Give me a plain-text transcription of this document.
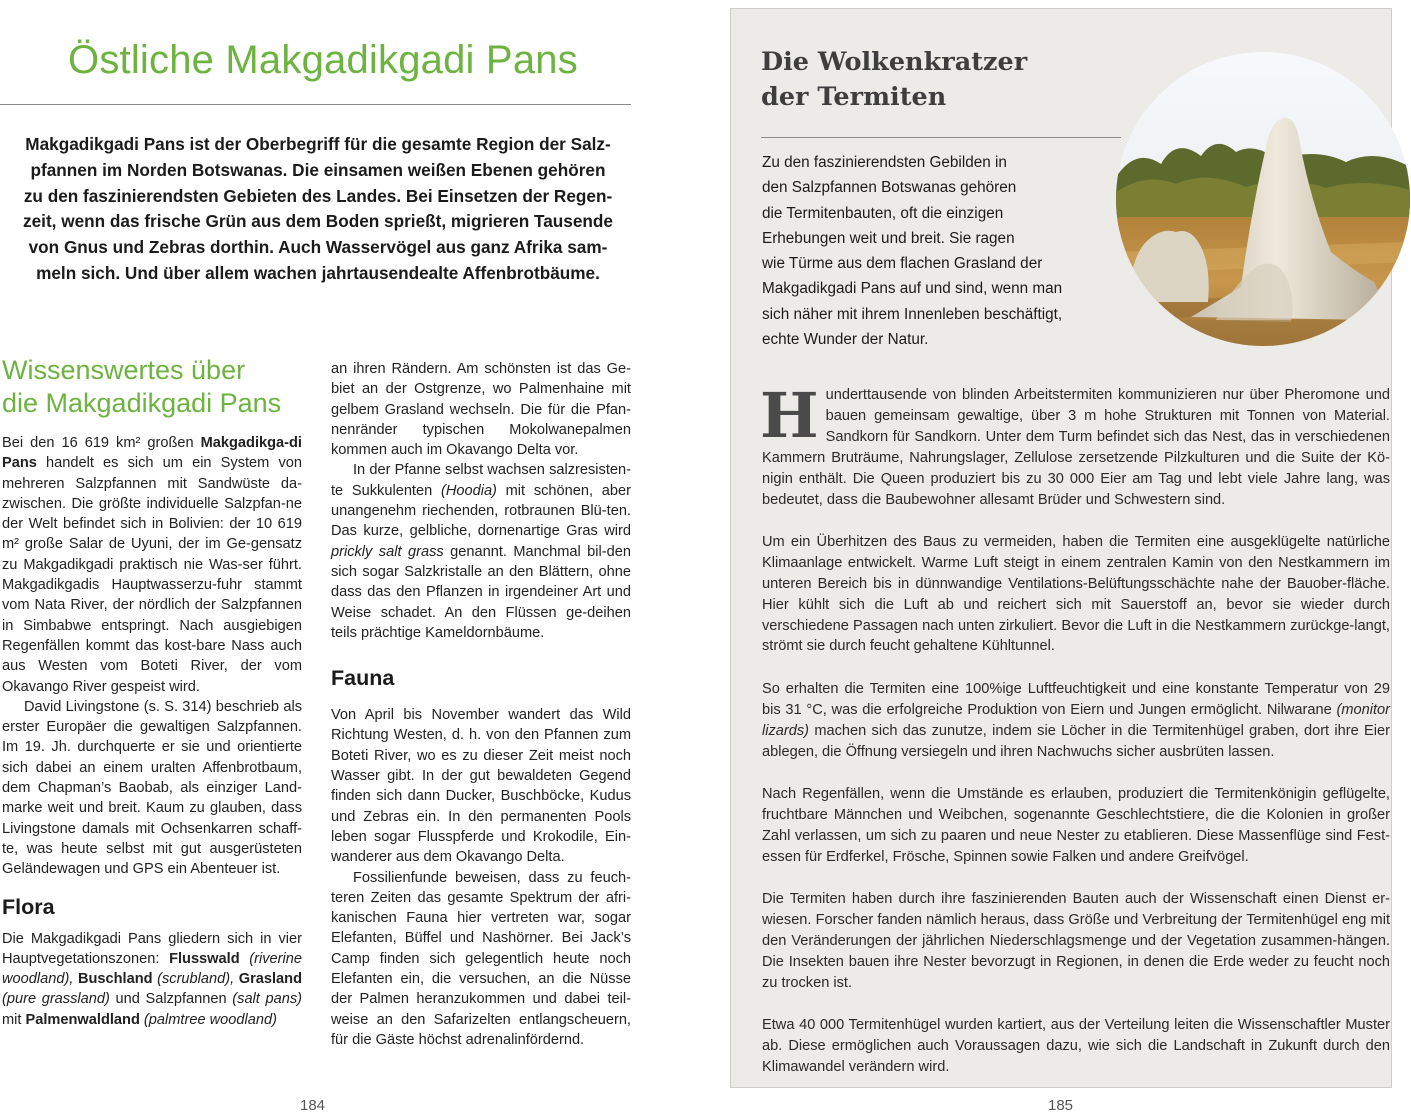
Östliche Makgadikgadi Pans
Makgadikgadi Pans ist der Oberbegriff für die gesamte Region der Salz-
pfannen im Norden Botswanas. Die einsamen weißen Ebenen gehören
zu den faszinierendsten Gebieten des Landes. Bei Einsetzen der Regen-
zeit, wenn das frische Grün aus dem Boden sprießt, migrieren Tausende
von Gnus und Zebras dorthin. Auch Wasservögel aus ganz Afrika sam-
meln sich. Und über allem wachen jahrtausendealte Affenbrotbäume.
Wissenswertes über
die Makgadikgadi Pans

Bei den 16 619 km² großen Makgadikga-di Pans handelt es sich um ein System von mehreren Salzpfannen mit Sandwüste da-zwischen. Die größte individuelle Salzpfan-ne der Welt befindet sich in Bolivien: der 10 619 m² große Salar de Uyuni, der im Ge-gensatz zu Makgadikgadi praktisch nie Was-ser führt. Makgadikgadis Hauptwasserzu-fuhr stammt vom Nata River, der nördlich der Salzpfannen in Simbabwe entspringt. Nach ausgiebigen Regenfällen kommt das kost-bare Nass auch aus Westen vom Boteti River, der vom Okavango River gespeist wird.

David Livingstone (s. S. 314) beschrieb als erster Europäer die gewaltigen Salzpfannen. Im 19. Jh. durchquerte er sie und orientierte sich dabei an einem uralten Affenbrotbaum, dem Chapman’s Baobab, als einziger Land-marke weit und breit. Kaum zu glauben, dass Livingstone damals mit Ochsenkarren schaff-te, was heute selbst mit gut ausgerüsteten Geländewagen und GPS ein Abenteuer ist.

Flora

Die Makgadikgadi Pans gliedern sich in vier Hauptvegetationszonen: Flusswald (riverine woodland), Buschland (scrubland), Grasland (pure grassland) und Salzpfannen (salt pans) mit Palmenwaldland (palmtree woodland)

an ihren Rändern. Am schönsten ist das Ge-biet an der Ostgrenze, wo Palmenhaine mit gelbem Grasland wechseln. Die für die Pfan-nenränder typischen Mokolwanepalmen kommen auch im Okavango Delta vor.

In der Pfanne selbst wachsen salzresisten-te Sukkulenten (Hoodia) mit schönen, aber unangenehm riechenden, rotbraunen Blü-ten. Das kurze, gelbliche, dornenartige Gras wird prickly salt grass genannt. Manchmal bil-den sich sogar Salzkristalle an den Blättern, ohne dass das den Pflanzen in irgendeiner Art und Weise schadet. An den Flüssen ge-deihen teils prächtige Kameldornbäume.

Fauna

Von April bis November wandert das Wild Richtung Westen, d. h. von den Pfannen zum Boteti River, wo es zu dieser Zeit meist noch Wasser gibt. In der gut bewaldeten Gegend finden sich dann Ducker, Buschböcke, Kudus und Zebras ein. In den permanenten Pools leben sogar Flusspferde und Krokodile, Ein-wanderer aus dem Okavango Delta.

Fossilienfunde beweisen, dass zu feuch-teren Zeiten das gesamte Spektrum der afri-kanischen Fauna hier vertreten war, sogar Elefanten, Büffel und Nashörner. Bei Jack’s Camp finden sich gelegentlich heute noch Elefanten ein, die versuchen, an die Nüsse der Palmen heranzukommen und dabei teil-weise an den Safarizelten entlangscheuern, für die Gäste höchst adrenalinfördernd.

184
Die Wolkenkratzer
der Termiten
Zu den faszinierendsten Gebilden in
den Salzpfannen Botswanas gehören
die Termitenbauten, oft die einzigen
Erhebungen weit und breit. Sie ragen
wie Türme aus dem flachen Grasland der
Makgadikgadi Pans auf und sind, wenn man
sich näher mit ihrem Innenleben beschäftigt,
echte Wunder der Natur.

Hunderttausende von blinden Arbeitstermiten kommunizieren nur über Pheromone und bauen gemeinsam gewaltige, über 3 m hohe Strukturen mit Tonnen von Material. Sandkorn für Sandkorn. Unter dem Turm befindet sich das Nest, das in verschiedenen Kammern Bruträume, Nahrungslager, Zellulose zersetzende Pilzkulturen und die Suite der Kö-nigin enthält. Die Queen produziert bis zu 30 000 Eier am Tag und lebt viele Jahre lang, was bedeutet, dass die Baubewohner allesamt Brüder und Schwestern sind.

Um ein Überhitzen des Baus zu vermeiden, haben die Termiten eine ausgeklügelte natürliche Klimaanlage entwickelt. Warme Luft steigt in einem zentralen Kamin von den Nestkammern im unteren Bereich bis in dünnwandige Ventilations-Belüftungsschächte nahe der Bauober-fläche. Hier kühlt sich die Luft ab und reichert sich mit Sauerstoff an, bevor sie wieder durch verschiedene Passagen nach unten zirkuliert. Bevor die Luft in die Nestkammern zurückge-langt, strömt sie durch feucht gehaltene Kühltunnel.

So erhalten die Termiten eine 100%ige Luftfeuchtigkeit und eine konstante Temperatur von 29 bis 31 °C, was die erfolgreiche Produktion von Eiern und Jungen ermöglicht. Nilwarane (monitor lizards) machen sich das zunutze, indem sie Löcher in die Termitenhügel graben, dort ihre Eier ablegen, die Öffnung versiegeln und ihren Nachwuchs sicher ausbrüten lassen.

Nach Regenfällen, wenn die Umstände es erlauben, produziert die Termitenkönigin geflügelte, fruchtbare Männchen und Weibchen, sogenannte Geschlechtstiere, die die Kolonien in großer Zahl verlassen, um sich zu paaren und neue Nester zu etablieren. Diese Massenflüge sind Fest-essen für Erdferkel, Frösche, Spinnen sowie Falken und andere Greifvögel.

Die Termiten haben durch ihre faszinierenden Bauten auch der Wissenschaft einen Dienst er-wiesen. Forscher fanden nämlich heraus, dass Größe und Verbreitung der Termitenhügel eng mit den Veränderungen der jährlichen Niederschlagsmenge und der Vegetation zusammen-hängen. Die Insekten bauen ihre Nester bevorzugt in Regionen, in denen die Erde weder zu feucht noch zu trocken ist.

Etwa 40 000 Termitenhügel wurden kartiert, aus der Verteilung leiten die Wissenschaftler Muster ab. Diese ermöglichen auch Voraussagen dazu, wie sich die Landschaft in Zukunft durch den Klimawandel verändern wird.

185
